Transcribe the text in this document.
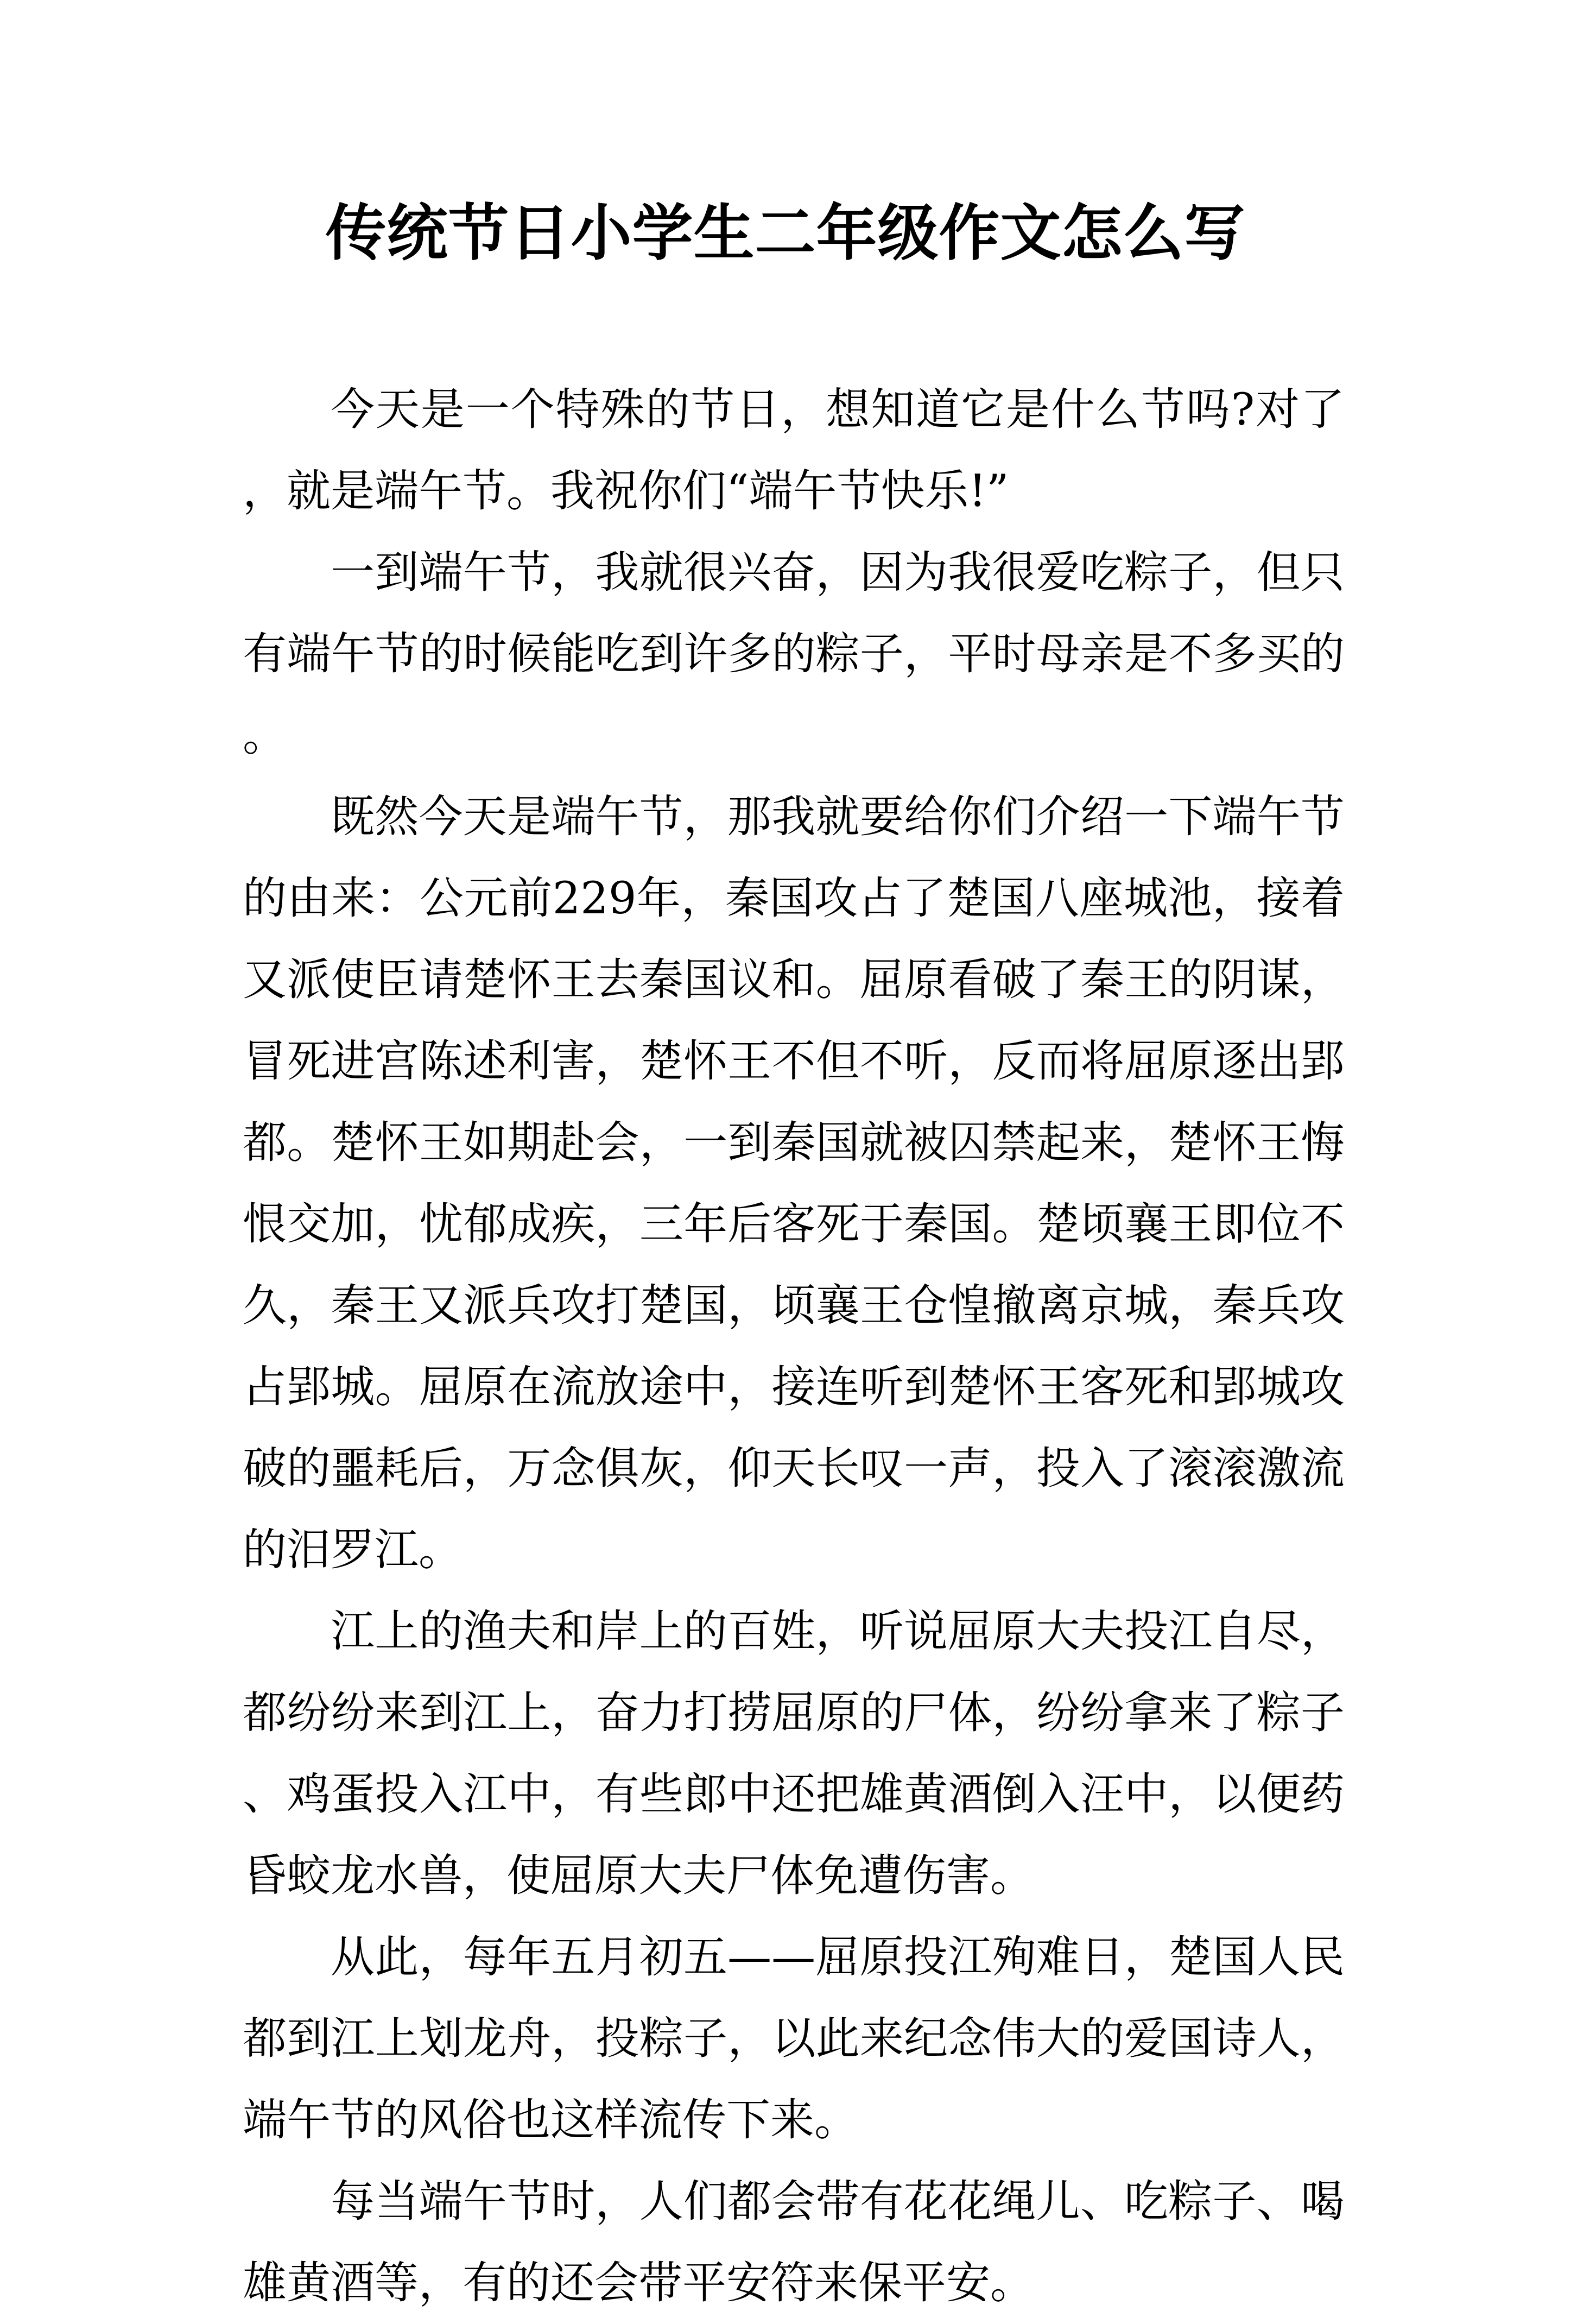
传统节日小学生二年级作文怎么写

今天是一个特殊的节日，想知道它是什么节吗?对了，就是端午节。我祝你们“端午节快乐!”

一到端午节，我就很兴奋，因为我很爱吃粽子，但只有端午节的时候能吃到许多的粽子，平时母亲是不多买的。

既然今天是端午节，那我就要给你们介绍一下端午节的由来：公元前229年，秦国攻占了楚国八座城池，接着又派使臣请楚怀王去秦国议和。屈原看破了秦王的阴谋，冒死进宫陈述利害，楚怀王不但不听，反而将屈原逐出郢都。楚怀王如期赴会，一到秦国就被囚禁起来，楚怀王悔恨交加，忧郁成疾，三年后客死于秦国。楚顷襄王即位不久，秦王又派兵攻打楚国，顷襄王仓惶撤离京城，秦兵攻占郢城。屈原在流放途中，接连听到楚怀王客死和郢城攻破的噩耗后，万念俱灰，仰天长叹一声，投入了滚滚激流的汨罗江。

江上的渔夫和岸上的百姓，听说屈原大夫投江自尽，都纷纷来到江上，奋力打捞屈原的尸体，纷纷拿来了粽子、鸡蛋投入江中，有些郎中还把雄黄酒倒入汪中，以便药昏蛟龙水兽，使屈原大夫尸体免遭伤害。

从此，每年五月初五——屈原投江殉难日，楚国人民都到江上划龙舟，投粽子，以此来纪念伟大的爱国诗人，端午节的风俗也这样流传下来。

每当端午节时，人们都会带有花花绳儿、吃粽子、喝雄黄酒等，有的还会带平安符来保平安。
